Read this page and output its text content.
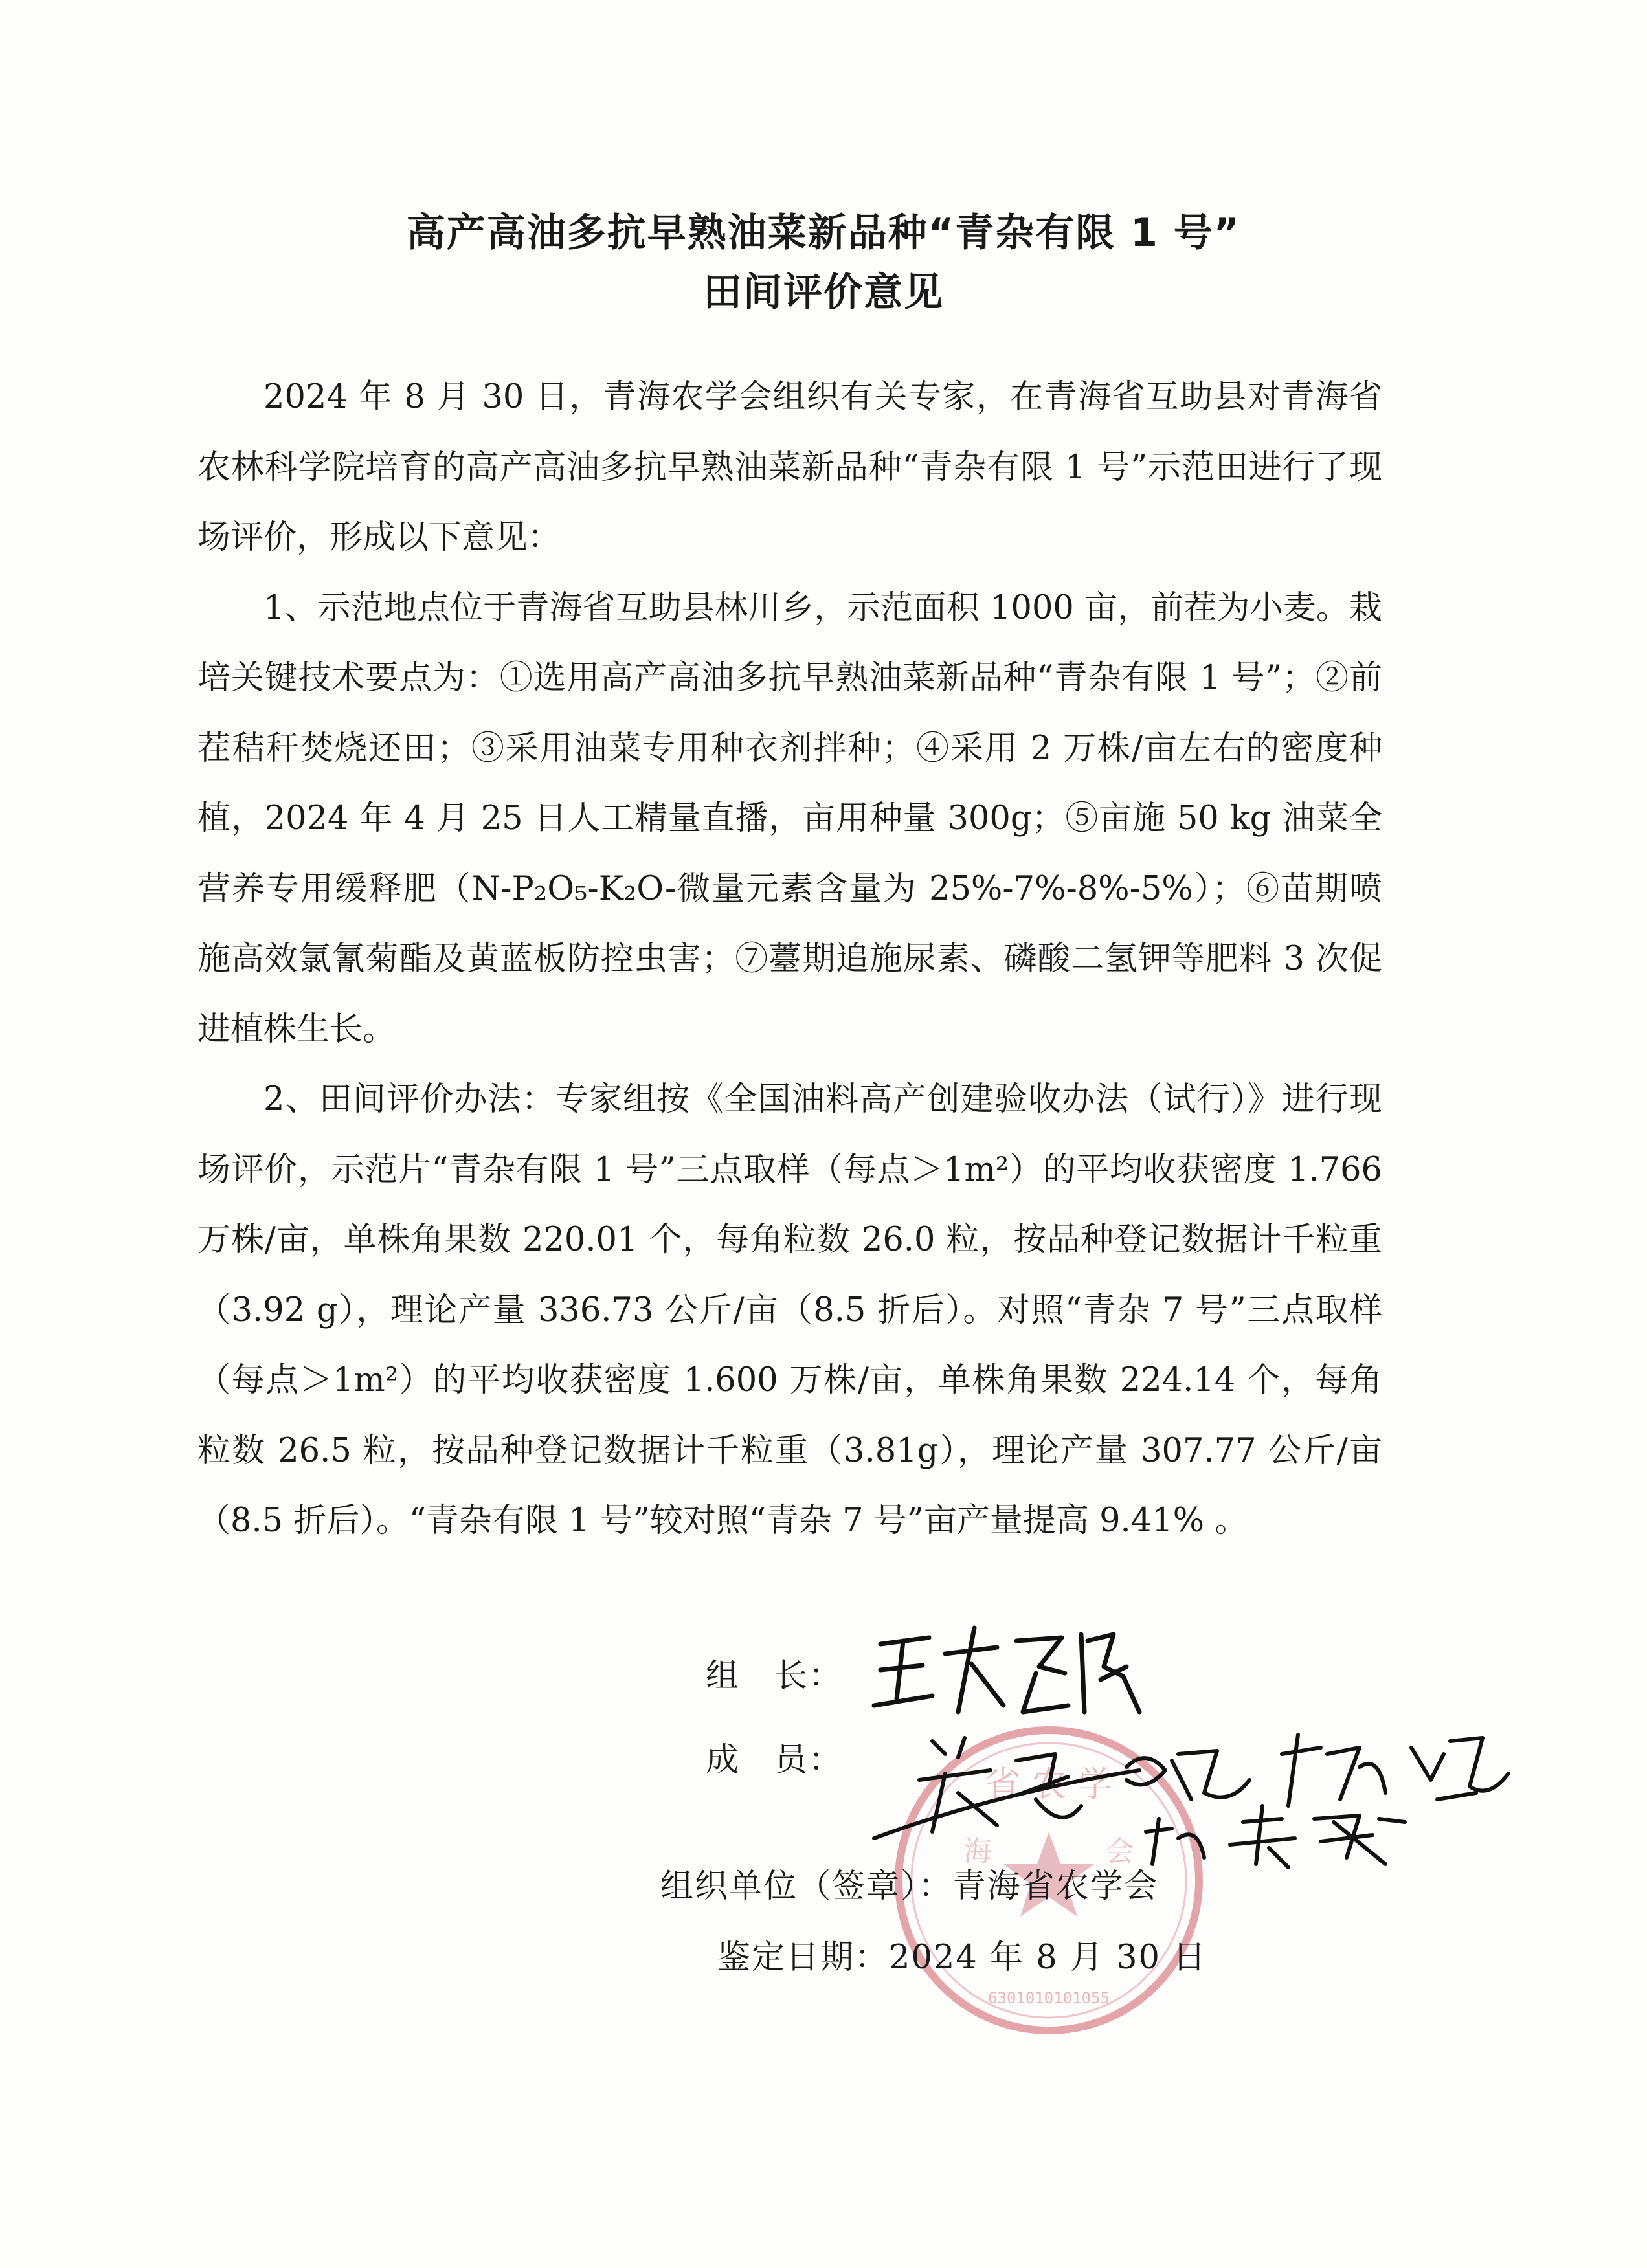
高产高油多抗早熟油菜新品种“青杂有限 1 号”
田间评价意见

2024 年 8 月 30 日，青海农学会组织有关专家，在青海省互助县对青海省农林科学院培育的高产高油多抗早熟油菜新品种“青杂有限 1 号”示范田进行了现场评价，形成以下意见：

1、示范地点位于青海省互助县林川乡，示范面积 1000 亩，前茬为小麦。栽培关键技术要点为：①选用高产高油多抗早熟油菜新品种“青杂有限 1 号”；②前茬秸秆焚烧还田；③采用油菜专用种衣剂拌种；④采用 2 万株/亩左右的密度种植，2024 年 4 月 25 日人工精量直播，亩用种量 300g；⑤亩施 50 kg 油菜全营养专用缓释肥（N-P₂O₅-K₂O-微量元素含量为 25%-7%-8%-5%）；⑥苗期喷施高效氯氰菊酯及黄蓝板防控虫害；⑦薹期追施尿素、磷酸二氢钾等肥料 3 次促进植株生长。

2、田间评价办法：专家组按《全国油料高产创建验收办法（试行）》进行现场评价，示范片“青杂有限 1 号”三点取样（每点＞1m²）的平均收获密度 1.766 万株/亩，单株角果数 220.01 个，每角粒数 26.0 粒，按品种登记数据计千粒重（3.92 g），理论产量 336.73 公斤/亩（8.5 折后）。对照“青杂 7 号”三点取样（每点＞1m²）的平均收获密度 1.600 万株/亩，单株角果数 224.14 个，每角粒数 26.5 粒，按品种登记数据计千粒重（3.81g），理论产量 307.77 公斤/亩（8.5 折后）。“青杂有限 1 号”较对照“青杂 7 号”亩产量提高 9.41% 。

省 农 学
海	会
6301010101055
组　长：
成　员：
组织单位（签章）：青海省农学会
鉴定日期：2024 年 8 月 30 日
